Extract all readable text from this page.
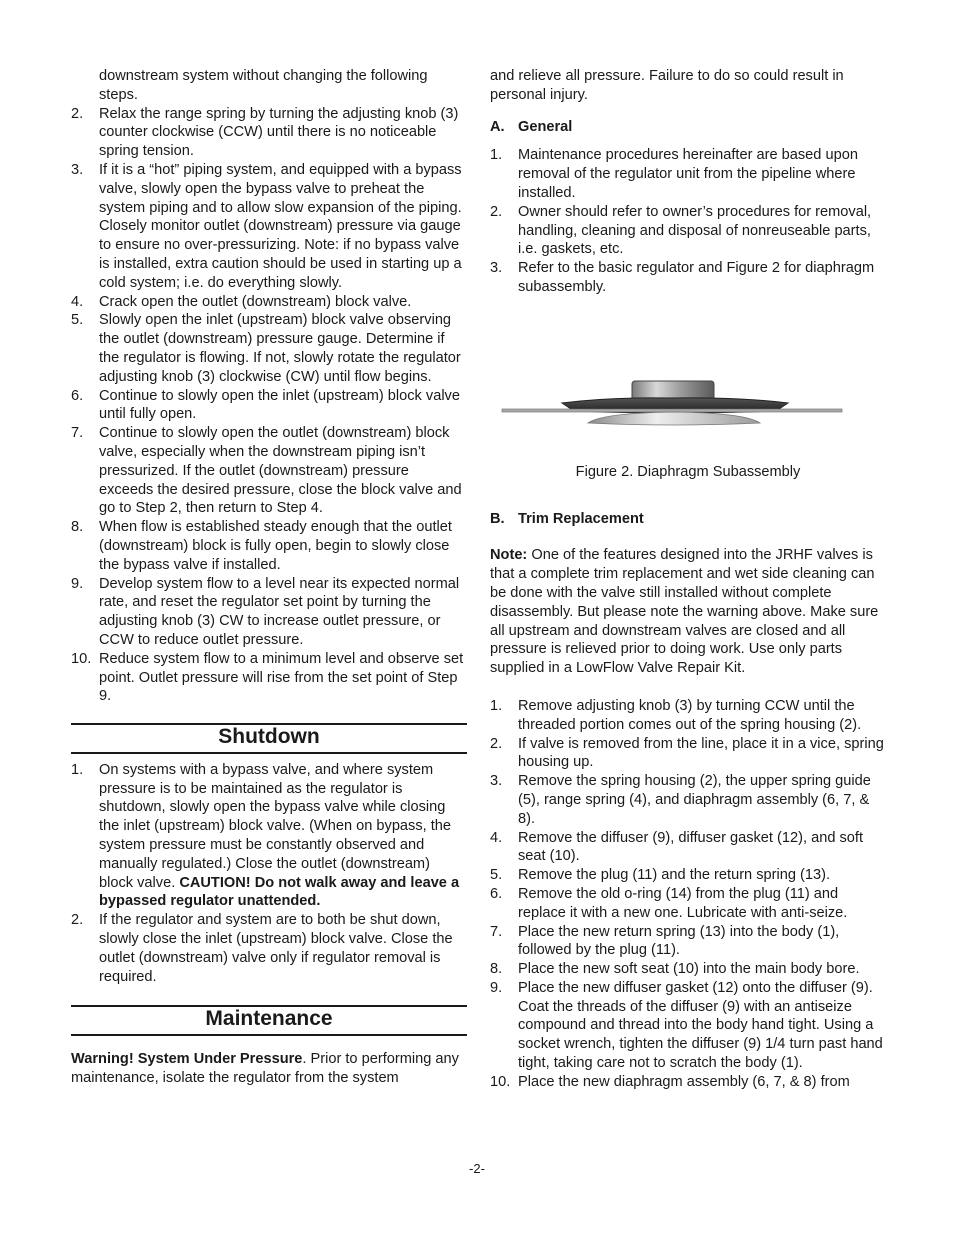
downstream system without changing the following steps.

2.	Relax the range spring by turning the adjusting knob (3) counter clockwise (CCW) until there is no noticeable spring tension.
3.	If it is a “hot” piping system, and equipped with a bypass valve, slowly open the bypass valve to preheat the system piping and to allow slow expansion of the piping. Closely monitor outlet (downstream) pressure via gauge to ensure no over-pressurizing. Note: if no bypass valve is installed, extra caution should be used in starting up a cold system; i.e. do everything slowly.
4.	Crack open the outlet (downstream) block valve.
5.	Slowly open the inlet (upstream) block valve observing the outlet (downstream) pressure gauge. Determine if the regulator is flowing. If not, slowly rotate the regulator adjusting knob (3) clockwise (CW) until flow begins.
6.	Continue to slowly open the inlet (upstream) block valve until fully open.
7.	Continue to slowly open the outlet (downstream) block valve, especially when the downstream piping isn’t pressurized. If the outlet (downstream) pressure exceeds the desired pressure, close the block valve and go to Step 2, then return to Step 4.
8.	When flow is established steady enough that the outlet (downstream) block is fully open, begin to slowly close the bypass valve if installed.
9.	Develop system flow to a level near its expected normal rate, and reset the regulator set point by turning the adjusting knob (3) CW to increase outlet pressure, or CCW to reduce outlet pressure.
10. Reduce system flow to a minimum level and observe set point. Outlet pressure will rise from the set point of Step 9.
Shutdown
1.	On systems with a bypass valve, and where system pressure is to be maintained as the regulator is shutdown, slowly open the bypass valve while closing the inlet (upstream) block valve. (When on bypass, the system pressure must be constantly observed and manually regulated.) Close the outlet (downstream) block valve. CAUTION! Do not walk away and leave a bypassed regulator unattended.
2.	If the regulator and system are to both be shut down, slowly close the inlet (upstream) block valve. Close the outlet (downstream) valve only if regulator removal is required.
Maintenance

Warning! System Under Pressure. Prior to performing any maintenance, isolate the regulator from the system

and relieve all pressure. Failure to do so could result in personal injury.

A. General
1.	Maintenance procedures hereinafter are based upon removal of the regulator unit from the pipeline where installed.
2.	Owner should refer to owner’s procedures for removal, handling, cleaning and disposal of nonreuseable parts, i.e. gaskets, etc.
3.	Refer to the basic regulator and Figure 2 for diaphragm subassembly.

Figure 2. Diaphragm Subassembly

B. Trim Replacement

Note: One of the features designed into the JRHF valves is that a complete trim replacement and wet side cleaning can be done with the valve still installed without complete disassembly. But please note the warning above. Make sure all upstream and downstream valves are closed and all pressure is relieved prior to doing work. Use only parts supplied in a LowFlow Valve Repair Kit.

1.	Remove adjusting knob (3) by turning CCW until the threaded portion comes out of the spring housing (2).
2.	If valve is removed from the line, place it in a vice, spring housing up.
3.	Remove the spring housing (2), the upper spring guide (5), range spring (4), and diaphragm assembly (6, 7, & 8).
4.	Remove the diffuser (9), diffuser gasket (12), and soft seat (10).
5.	Remove the plug (11) and the return spring (13).
6.	Remove the old o-ring (14) from the plug (11) and replace it with a new one. Lubricate with anti-seize.
7.	Place the new return spring (13) into the body (1), followed by the plug (11).
8.	Place the new soft seat (10) into the main body bore.
9.	Place the new diffuser gasket (12) onto the diffuser (9). Coat the threads of the diffuser (9) with an antiseize compound and thread into the body hand tight. Using a socket wrench, tighten the diffuser (9) 1/4 turn past hand tight, taking care not to scratch the body (1).
10. Place the new diaphragm assembly (6, 7, & 8) from
-2-
